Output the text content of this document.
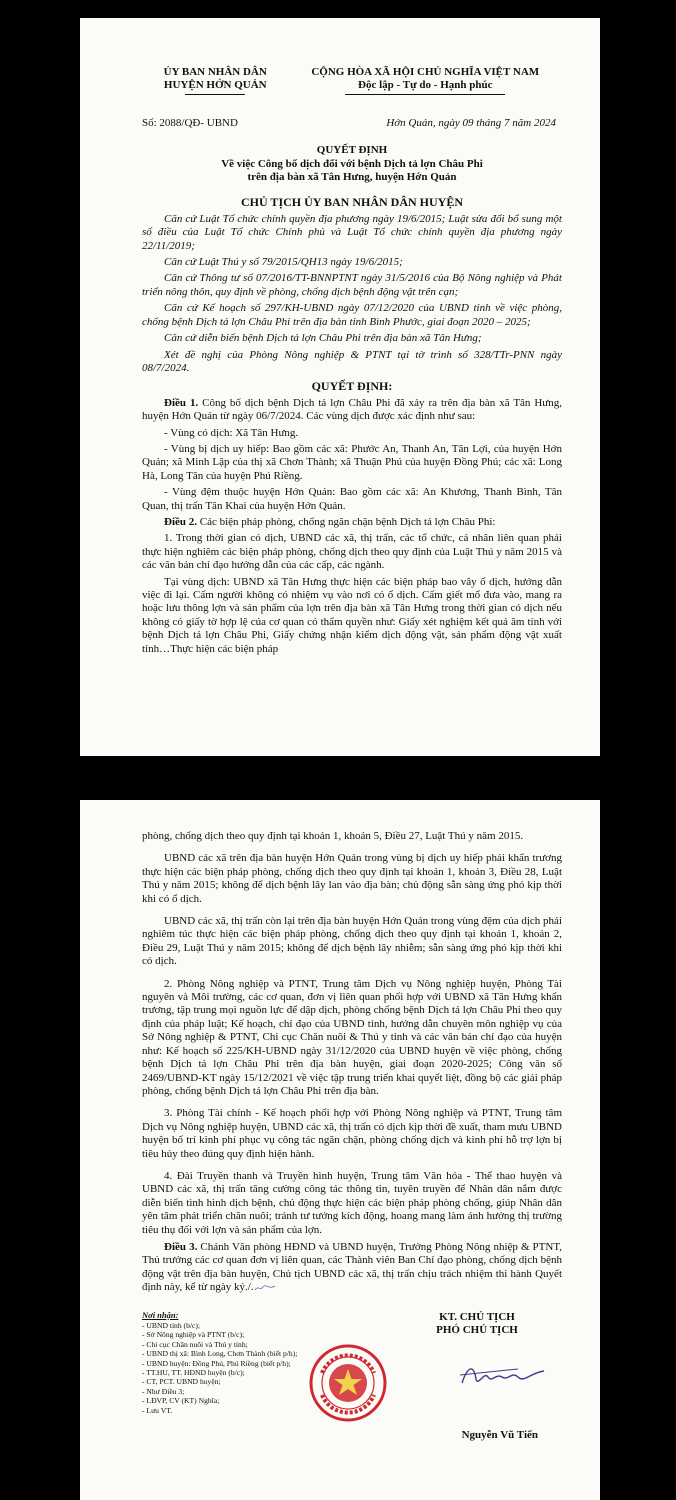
ỦY BAN NHÂN DÂN
HUYỆN HỚN QUẢN
CỘNG HÒA XÃ HỘI CHỦ NGHĨA VIỆT NAM
Độc lập - Tự do - Hạnh phúc
Số: 2088/QĐ- UBND	Hớn Quản, ngày 09 tháng 7 năm 2024
QUYẾT ĐỊNH
Về việc Công bố dịch đối với bệnh Dịch tả lợn Châu Phi
trên địa bàn xã Tân Hưng, huyện Hớn Quản
CHỦ TỊCH ỦY BAN NHÂN DÂN HUYỆN
Căn cứ Luật Tổ chức chính quyền địa phương ngày 19/6/2015; Luật sửa đổi bổ sung một số điều của Luật Tổ chức Chính phủ và Luật Tổ chức chính quyền địa phương ngày 22/11/2019;
Căn cứ Luật Thú y số 79/2015/QH13 ngày 19/6/2015;
Căn cứ Thông tư số 07/2016/TT-BNNPTNT ngày 31/5/2016 của Bộ Nông nghiệp và Phát triển nông thôn, quy định về phòng, chống dịch bệnh động vật trên cạn;
Căn cứ Kế hoạch số 297/KH-UBND ngày 07/12/2020 của UBND tỉnh về việc phòng, chống bệnh Dịch tả lợn Châu Phi trên địa bàn tỉnh Bình Phước, giai đoạn 2020 – 2025;
Căn cứ diễn biến bệnh Dịch tả lợn Châu Phi trên địa bàn xã Tân Hưng;
Xét đề nghị của Phòng Nông nghiệp & PTNT tại tờ trình số 328/TTr-PNN ngày 08/7/2024.
QUYẾT ĐỊNH:
Điều 1. Công bố dịch bệnh Dịch tả lợn Châu Phi đã xảy ra trên địa bàn xã Tân Hưng, huyện Hớn Quản từ ngày 06/7/2024. Các vùng dịch được xác định như sau:
- Vùng có dịch: Xã Tân Hưng.
- Vùng bị dịch uy hiếp: Bao gồm các xã: Phước An, Thanh An, Tân Lợi, của huyện Hớn Quản; xã Minh Lập của thị xã Chơn Thành; xã Thuận Phú của huyện Đồng Phú; các xã: Long Hà, Long Tân của huyện Phú Riềng.
- Vùng đệm thuộc huyện Hớn Quản: Bao gồm các xã: An Khương, Thanh Bình, Tân Quan, thị trấn Tân Khai của huyện Hớn Quản.
Điều 2. Các biện pháp phòng, chống ngăn chặn bệnh Dịch tả lợn Châu Phi:
1. Trong thời gian có dịch, UBND các xã, thị trấn, các tổ chức, cá nhân liên quan phải thực hiện nghiêm các biện pháp phòng, chống dịch theo quy định của Luật Thú y năm 2015 và các văn bản chỉ đạo hướng dẫn của các cấp, các ngành.
Tại vùng dịch: UBND xã Tân Hưng thực hiện các biện pháp bao vây ổ dịch, hướng dẫn việc đi lại. Cấm người không có nhiệm vụ vào nơi có ổ dịch. Cấm giết mổ đưa vào, mang ra hoặc lưu thông lợn và sản phẩm của lợn trên địa bàn xã Tân Hưng trong thời gian có dịch nếu không có giấy tờ hợp lệ của cơ quan có thẩm quyền như: Giấy xét nghiệm kết quả âm tính với bệnh Dịch tả lợn Châu Phi, Giấy chứng nhận kiểm dịch động vật, sản phẩm động vật xuất tỉnh…Thực hiện các biện pháp
phòng, chống dịch theo quy định tại khoản 1, khoản 5, Điều 27, Luật Thú y năm 2015.
UBND các xã trên địa bàn huyện Hớn Quản trong vùng bị dịch uy hiếp phải khẩn trương thực hiện các biện pháp phòng, chống dịch theo quy định tại khoản 1, khoản 3, Điều 28, Luật Thú y năm 2015; không để dịch bệnh lây lan vào địa bàn; chủ động sẵn sàng ứng phó kịp thời khi có ổ dịch.
UBND các xã, thị trấn còn lại trên địa bàn huyện Hớn Quản trong vùng đệm của dịch phải nghiêm túc thực hiện các biện pháp phòng, chống dịch theo quy định tại khoản 1, khoản 2, Điều 29, Luật Thú y năm 2015; không để dịch bệnh lây nhiễm; sẵn sàng ứng phó kịp thời khi có dịch.
2. Phòng Nông nghiệp và PTNT, Trung tâm Dịch vụ Nông nghiệp huyện, Phòng Tài nguyên và Môi trường, các cơ quan, đơn vị liên quan phối hợp với UBND xã Tân Hưng khẩn trương, tập trung mọi nguồn lực để dập dịch, phòng chống bệnh Dịch tả lợn Châu Phi theo quy định của pháp luật; Kế hoạch, chỉ đạo của UBND tỉnh, hướng dẫn chuyên môn nghiệp vụ của Sở Nông nghiệp & PTNT, Chi cục Chăn nuôi & Thú y tỉnh và các văn bản chỉ đạo của huyện như: Kế hoạch số 225/KH-UBND ngày 31/12/2020 của UBND huyện về việc phòng, chống bệnh Dịch tả lợn Châu Phi trên địa bàn huyện, giai đoạn 2020-2025; Công văn số 2469/UBND-KT ngày 15/12/2021 về việc tập trung triển khai quyết liệt, đồng bộ các giải pháp phòng, chống bệnh Dịch tả lợn Châu Phi trên địa bàn.
3. Phòng Tài chính - Kế hoạch phối hợp với Phòng Nông nghiệp và PTNT, Trung tâm Dịch vụ Nông nghiệp huyện, UBND các xã, thị trấn có dịch kịp thời đề xuất, tham mưu UBND huyện bố trí kinh phí phục vụ công tác ngăn chặn, phòng chống dịch và kinh phí hỗ trợ lợn bị tiêu hủy theo đúng quy định hiện hành.
4. Đài Truyền thanh và Truyền hình huyện, Trung tâm Văn hóa - Thể thao huyện và UBND các xã, thị trấn tăng cường công tác thông tin, tuyên truyền để Nhân dân nắm được diễn biến tình hình dịch bệnh, chủ động thực hiện các biện pháp phòng chống, giúp Nhân dân yên tâm phát triển chăn nuôi; tránh tư tưởng kích động, hoang mang làm ảnh hưởng thị trường tiêu thụ đối với lợn và sản phẩm của lợn.
Điều 3. Chánh Văn phòng HĐND và UBND huyện, Trưởng Phòng Nông nhiệp & PTNT, Thủ trưởng các cơ quan đơn vị liên quan, các Thành viên Ban Chỉ đạo phòng, chống dịch bệnh động vật trên địa bàn huyện, Chủ tịch UBND các xã, thị trấn chịu trách nhiệm thi hành Quyết định này, kể từ ngày ký./.
Nơi nhận:
- UBND tỉnh (b/c);
- Sở Nông nghiệp và PTNT (b/c);
- Chi cục Chăn nuôi và Thú y tỉnh;
- UBND thị xã: Bình Long, Chơn Thành (biết p/h);
- UBND huyện: Đồng Phú, Phú Riềng (biết p/h);
- TT.HU, TT. HĐND huyện (b/c);
- CT, PCT. UBND huyện;
- Như Điều 3;
- LĐVP, CV (KT) Nghĩa;
- Lưu VT.
KT. CHỦ TỊCH
PHÓ CHỦ TỊCH
Nguyễn Vũ Tiến
